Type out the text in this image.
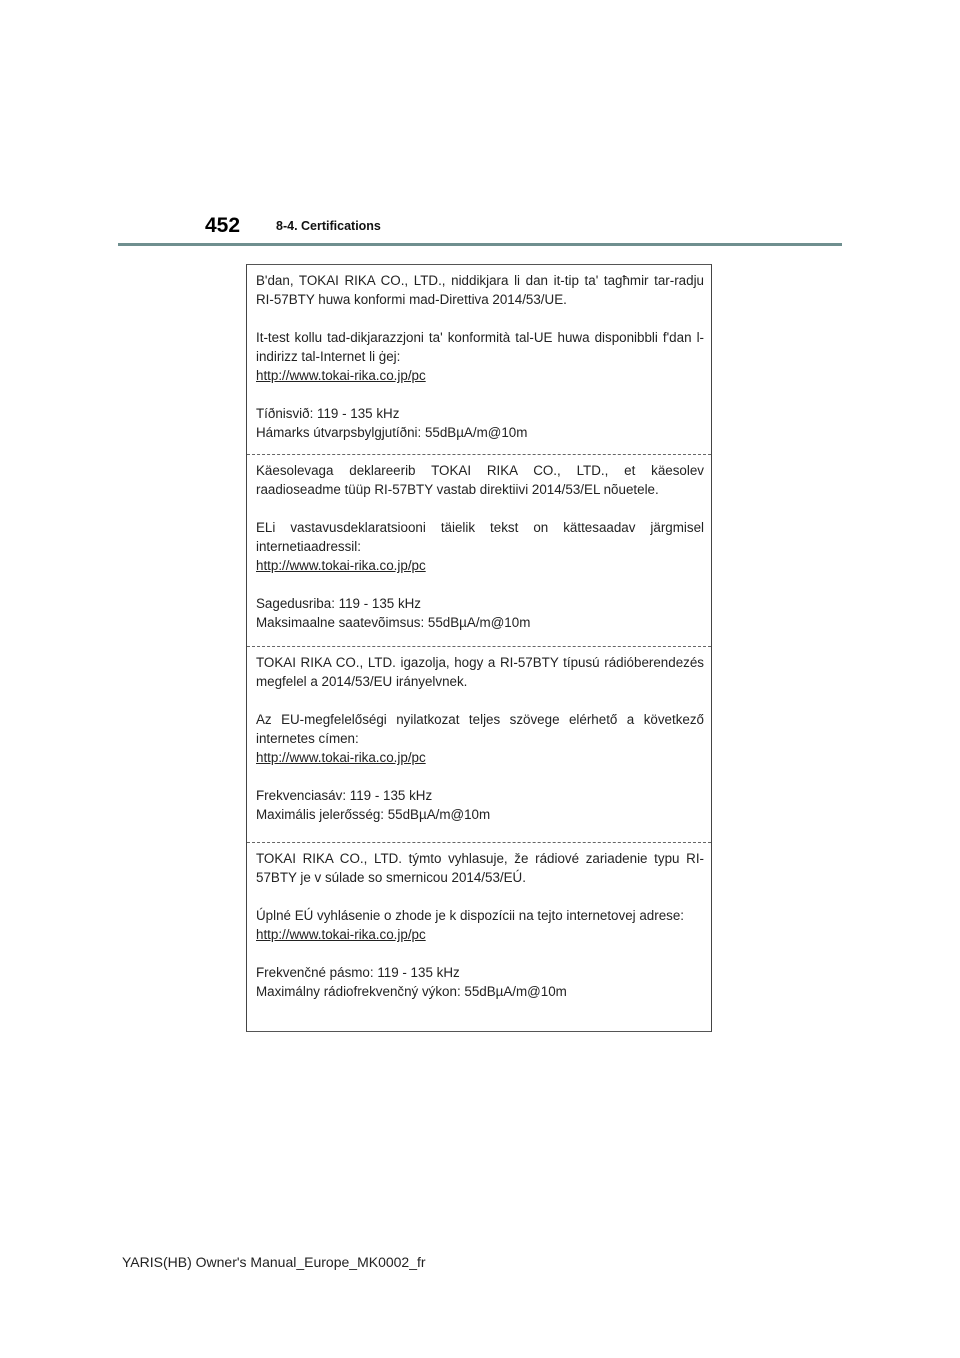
452	8-4. Certifications

B'dan, TOKAI RIKA CO., LTD., niddikjara li dan it-tip ta' tagħmir tar-radju RI-57BTY huwa konformi mad-Direttiva 2014/53/UE.

It-test kollu tad-dikjarazzjoni ta' konformità tal-UE huwa disponibbli f'dan l-indirizz tal-Internet li ġej:
http://www.tokai-rika.co.jp/pc

Tíðnisvið: 119 - 135 kHz
Hámarks útvarpsbylgjutíðni: 55dBµA/m@10m

Käesolevaga deklareerib TOKAI RIKA CO., LTD., et käesolev raadioseadme tüüp RI-57BTY vastab direktiivi 2014/53/EL nõuetele.

ELi vastavusdeklaratsiooni täielik tekst on kättesaadav järgmisel internetiaadressil:
http://www.tokai-rika.co.jp/pc

Sagedusriba: 119 - 135 kHz
Maksimaalne saatevõimsus: 55dBµA/m@10m

TOKAI RIKA CO., LTD. igazolja, hogy a RI-57BTY típusú rádióberendezés megfelel a 2014/53/EU irányelvnek.

Az EU-megfelelőségi nyilatkozat teljes szövege elérhető a következő internetes címen:
http://www.tokai-rika.co.jp/pc

Frekvenciasáv: 119 - 135 kHz
Maximális jelerősség: 55dBµA/m@10m

TOKAI RIKA CO., LTD. týmto vyhlasuje, že rádiové zariadenie typu RI-57BTY je v súlade so smernicou 2014/53/EÚ.

Úplné EÚ vyhlásenie o zhode je k dispozícii na tejto internetovej adrese:
http://www.tokai-rika.co.jp/pc

Frekvenčné pásmo: 119 - 135 kHz
Maximálny rádiofrekvenčný výkon: 55dBµA/m@10m

YARIS(HB) Owner's Manual_Europe_MK0002_fr
